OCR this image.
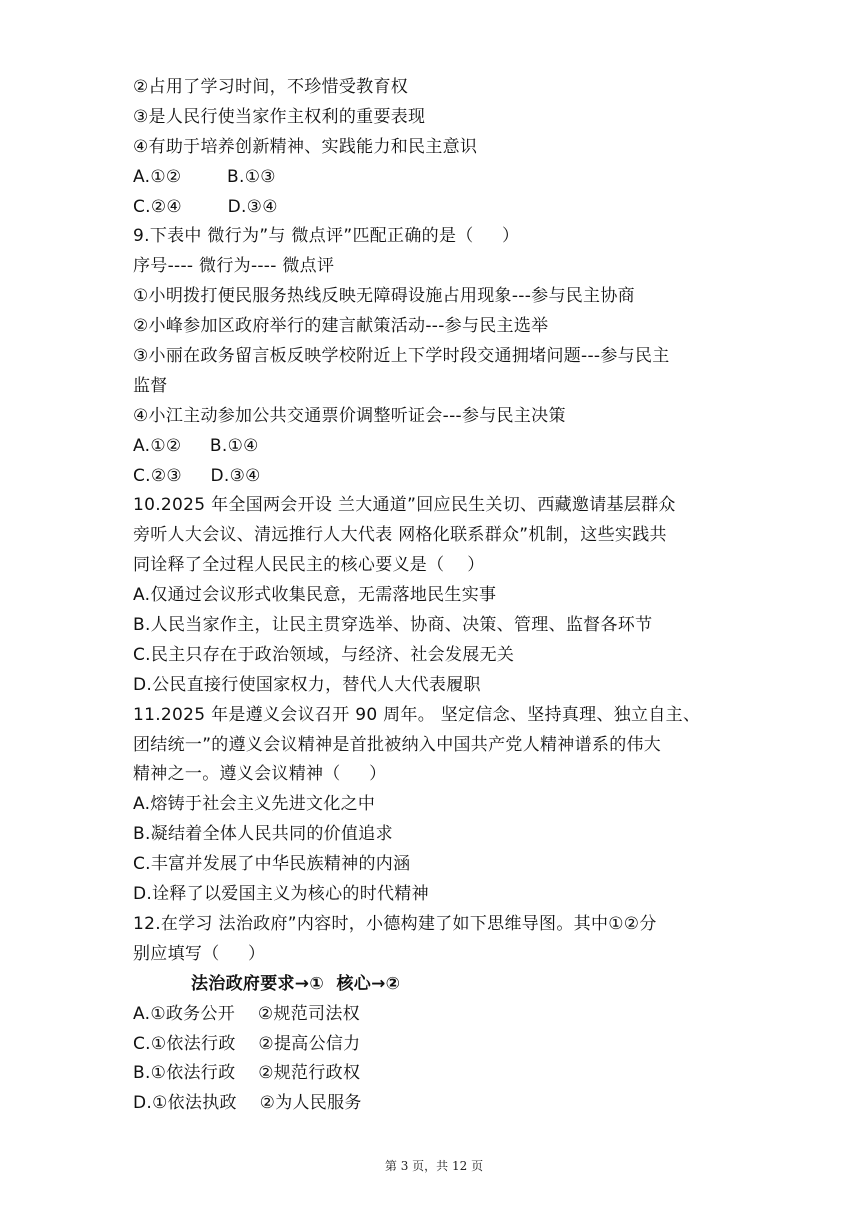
②占用了学习时间，不珍惜受教育权
③是人民行使当家作主权利的重要表现
④有助于培养创新精神、实践能力和民主意识
A.①②        B.①③
C.②④        D.③④
9.下表中 微行为”与 微点评”匹配正确的是（     ）
序号---- 微行为---- 微点评
①小明拨打便民服务热线反映无障碍设施占用现象---参与民主协商
②小峰参加区政府举行的建言献策活动---参与民主选举
③小丽在政务留言板反映学校附近上下学时段交通拥堵问题---参与民主
监督
④小江主动参加公共交通票价调整听证会---参与民主决策
A.①②     B.①④
C.②③     D.③④
10.2025 年全国两会开设 兰大通道”回应民生关切、西藏邀请基层群众
旁听人大会议、清远推行人大代表 网格化联系群众”机制，这些实践共
同诠释了全过程人民民主的核心要义是（    ）
A.仅通过会议形式收集民意，无需落地民生实事
B.人民当家作主，让民主贯穿选举、协商、决策、管理、监督各环节
C.民主只存在于政治领域，与经济、社会发展无关
D.公民直接行使国家权力，替代人大代表履职
11.2025 年是遵义会议召开 90 周年。 坚定信念、坚持真理、独立自主、
团结统一”的遵义会议精神是首批被纳入中国共产党人精神谱系的伟大
精神之一。遵义会议精神（     ）
A.熔铸于社会主义先进文化之中
B.凝结着全体人民共同的价值追求
C.丰富并发展了中华民族精神的内涵
D.诠释了以爱国主义为核心的时代精神
12.在学习 法治政府”内容时，小德构建了如下思维导图。其中①②分
别应填写（     ）
法治政府要求→①  核心→②
A.①政务公开    ②规范司法权
C.①依法行政    ②提高公信力
B.①依法行政    ②规范行政权
D.①依法执政    ②为人民服务
第 3 页，共 12 页
